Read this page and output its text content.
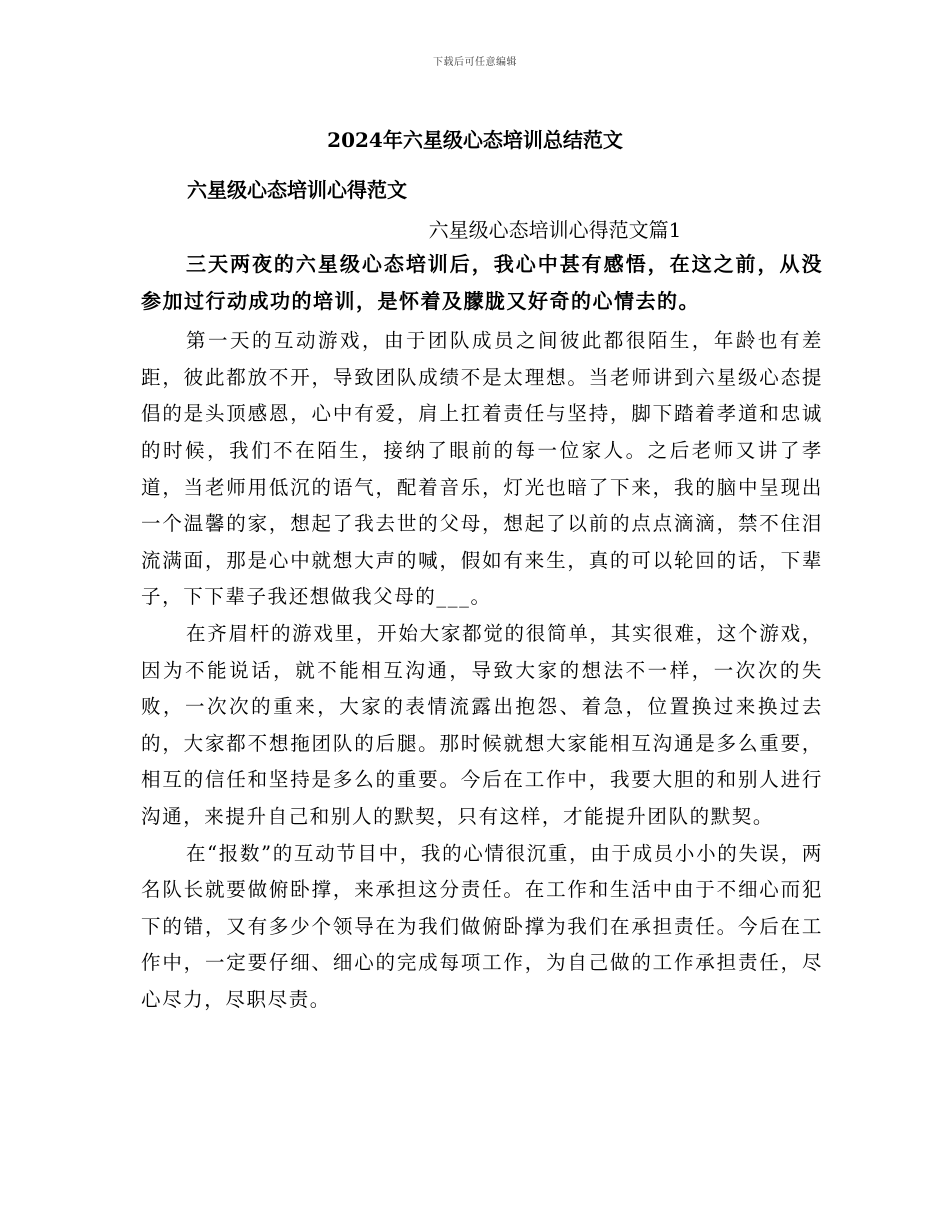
下载后可任意编辑
2024年六星级心态培训总结范文
六星级心态培训心得范文
六星级心态培训心得范文篇1

三天两夜的六星级心态培训后，我心中甚有感悟，在这之前，从没参加过行动成功的培训，是怀着及朦胧又好奇的心情去的。

第一天的互动游戏，由于团队成员之间彼此都很陌生，年龄也有差距，彼此都放不开，导致团队成绩不是太理想。当老师讲到六星级心态提倡的是头顶感恩，心中有爱，肩上扛着责任与坚持，脚下踏着孝道和忠诚的时候，我们不在陌生，接纳了眼前的每一位家人。之后老师又讲了孝道，当老师用低沉的语气，配着音乐，灯光也暗了下来，我的脑中呈现出一个温馨的家，想起了我去世的父母，想起了以前的点点滴滴，禁不住泪流满面，那是心中就想大声的喊，假如有来生，真的可以轮回的话，下辈子，下下辈子我还想做我父母的___。

在齐眉杆的游戏里，开始大家都觉的很简单，其实很难，这个游戏，因为不能说话，就不能相互沟通，导致大家的想法不一样，一次次的失败，一次次的重来，大家的表情流露出抱怨、着急，位置换过来换过去的，大家都不想拖团队的后腿。那时候就想大家能相互沟通是多么重要，相互的信任和坚持是多么的重要。今后在工作中，我要大胆的和别人进行沟通，来提升自己和别人的默契，只有这样，才能提升团队的默契。

在“报数”的互动节目中，我的心情很沉重，由于成员小小的失误，两名队长就要做俯卧撑，来承担这分责任。在工作和生活中由于不细心而犯下的错，又有多少个领导在为我们做俯卧撑为我们在承担责任。今后在工作中，一定要仔细、细心的完成每项工作，为自己做的工作承担责任，尽心尽力，尽职尽责。
